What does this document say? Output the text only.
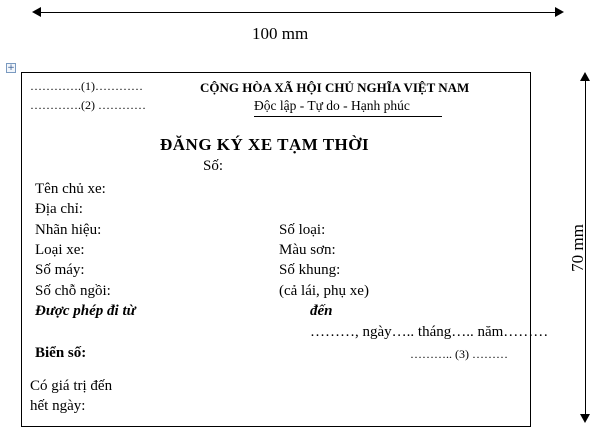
100 mm
70 mm
+
………….(1)…………
………….(2) …………
CỘNG HÒA XÃ HỘI CHỦ NGHĨA VIỆT NAM
Độc lập - Tự do - Hạnh phúc
ĐĂNG KÝ XE TẠM THỜI
Số:
Tên chủ xe:
Địa chỉ:
Nhãn hiệu:	Số loại:
Loại xe:	Màu sơn:
Số máy:	Số khung:
Số chỗ ngồi:	(cả lái, phụ xe)
Được phép đi từ	đến
………, ngày….. tháng….. năm………
Biển số:	……….. (3) ………
Có giá trị đến
hết ngày:
